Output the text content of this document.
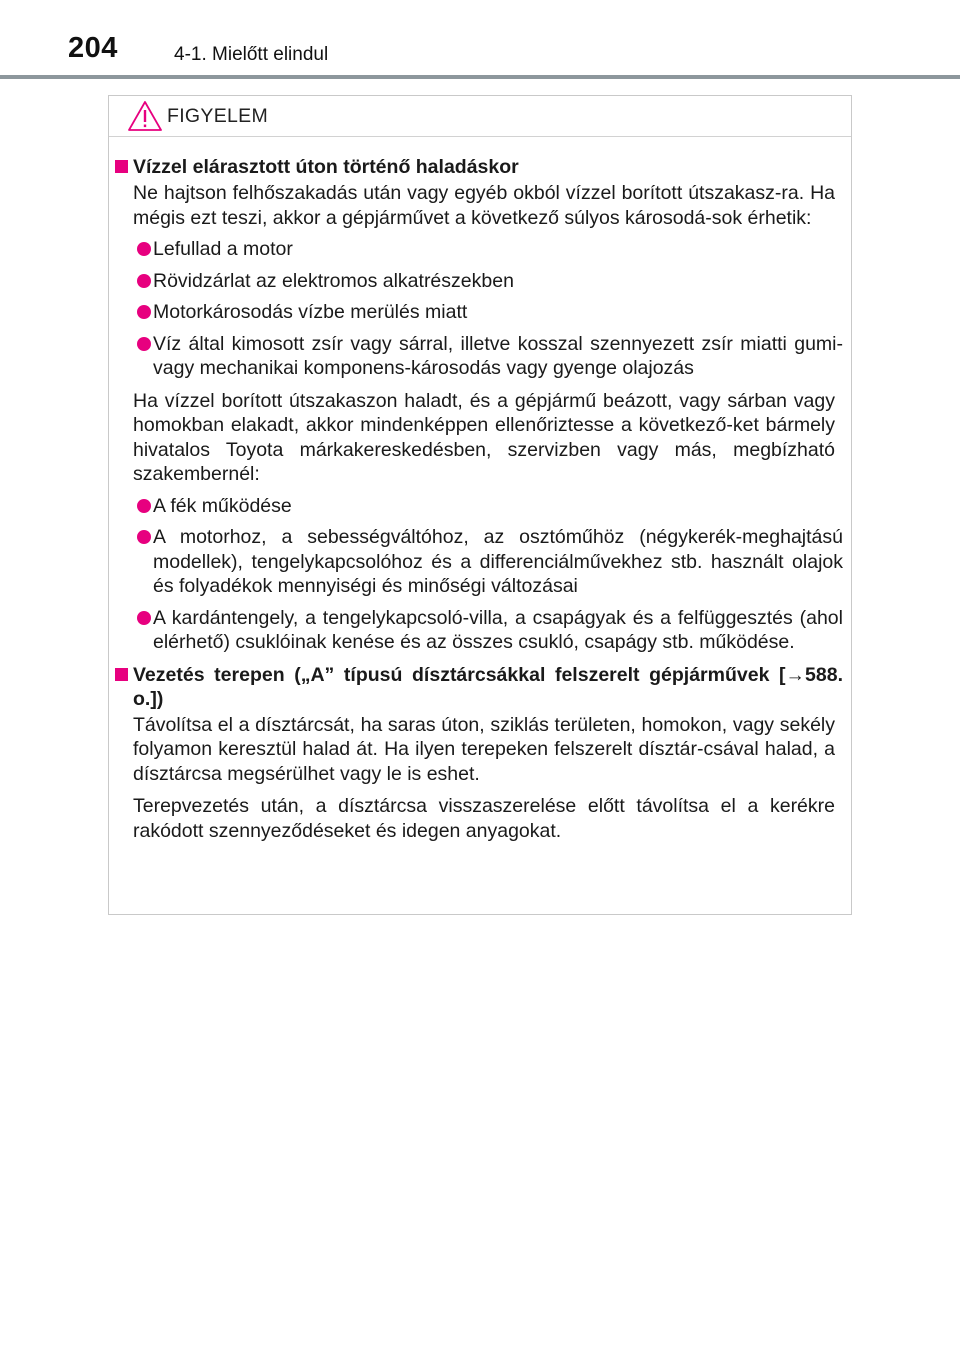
204	4-1. Mielőtt elindul
FIGYELEM
Vízzel elárasztott úton történő haladáskor
Ne hajtson felhőszakadás után vagy egyéb okból vízzel borított útszakasz-ra. Ha mégis ezt teszi, akkor a gépjárművet a következő súlyos károsodá-sok érhetik:
Lefullad a motor
Rövidzárlat az elektromos alkatrészekben
Motorkárosodás vízbe merülés miatt
Víz által kimosott zsír vagy sárral, illetve kosszal szennyezett zsír miatti gumi- vagy mechanikai komponens-károsodás vagy gyenge olajozás
Ha vízzel borított útszakaszon haladt, és a gépjármű beázott, vagy sárban vagy homokban elakadt, akkor mindenképpen ellenőriztesse a következő-ket bármely hivatalos Toyota márkakereskedésben, szervizben vagy más, megbízható szakembernél:
A fék működése
A motorhoz, a sebességváltóhoz, az osztóműhöz (négykerék-meghajtású modellek), tengelykapcsolóhoz és a differenciálművekhez stb. használt olajok és folyadékok mennyiségi és minőségi változásai
A kardántengely, a tengelykapcsoló-villa, a csapágyak és a felfüggesztés (ahol elérhető) csuklóinak kenése és az összes csukló, csapágy stb. működése.
Vezetés terepen („A” típusú dísztárcsákkal felszerelt gépjárművek [→588. o.])
Távolítsa el a dísztárcsát, ha saras úton, sziklás területen, homokon, vagy sekély folyamon keresztül halad át. Ha ilyen terepeken felszerelt dísztár-csával halad, a dísztárcsa megsérülhet vagy le is eshet.
Terepvezetés után, a dísztárcsa visszaszerelése előtt távolítsa el a kerékre rakódott szennyeződéseket és idegen anyagokat.
